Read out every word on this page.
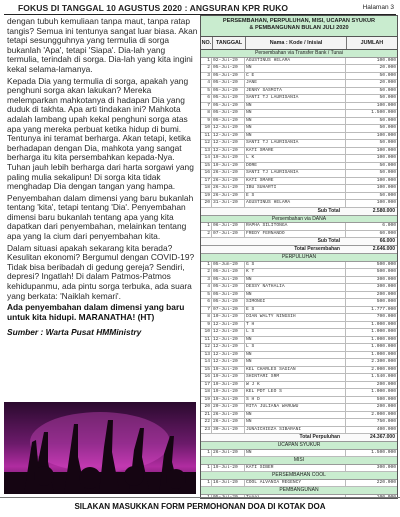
FOKUS DI TANGGAL 10 AGUSTUS 2020 : ANGSURAN KPR RUKO	Halaman 3

dengan tubuh kemuliaan tanpa maut, tanpa ratap tangis? Semua ini tentunya sangat luar biasa. Akan tetapi sesungguhnya yang termulia di sorga bukanlah 'Apa', tetapi 'Siapa'. Dia-lah yang termulia, terindah di sorga. Dia-lah yang kita ingini kekal selama-lamanya.

Kepada Dia yang termulia di sorga, apakah yang penghuni sorga akan lakukan? Mereka melemparkan mahkotanya di hadapan Dia yang duduk di takhta. Apa arti tindakan ini? Mahkota adalah lambang upah kekal penghuni sorga atas apa yang mereka perbuat ketika hidup di bumi. Tentunya ini teramat berharga. Akan tetapi, ketika berhadapan dengan Dia, mahkota yang sangat berharga itu kita persembahkan kepada-Nya. Tuhan jauh lebih berharga dari harta sorgawi yang paling mulia sekalipun! Di sorga kita tidak menghadap Dia dengan tangan yang hampa.

Penyembahan dalam dimensi yang baru bukanlah tentang 'kita', tetapi tentang 'Dia'. Penyembahan dimensi baru bukanlah tentang apa yang kita dapatkan dari penyembahan, melainkan tentang apa yang Ia cium dari penyembahan kita.

Dalam situasi apakah sekarang kita berada? Kesulitan ekonomi? Bergumul dengan COVID-19? Tidak bisa beribadah di gedung gereja? Sendiri, depresi? Ingatlah! Di dalam Patmos-Patmos kehidupanmu, ada pintu sorga terbuka, ada suara yang berkata: 'Naiklah kemari'.

Ada penyembahan dalam dimensi yang baru untuk kita hidupi. MARANATHA! (HT)

Sumber : Warta Pusat HMMinistry

PERSEMBAHAN, PERPULUHAN, MISI, UCAPAN SYUKUR
& PEMBANGUNAN BULAN JULI 2020
NO. TANGGAL	Nama : Kode / Inisial	JUMLAH
Persembahan via Transfer Bank / Tunai
1 02-Jul-20	AGUSTINUS HELAMA	100.000
2 05-Jul-20	NN	20.000
3 05-Jul-20	C E	50.000
4 05-Jul-20	JANE	20.000
5 05-Jul-20	JENNY SASMITA	50.000
6 05-Jul-20	SANTI TJ LAURISANIA	50.000
7 05-Jul-20	NN	100.000
8 05-Jul-20	NN	1.500.000
9 05-Jul-20	NN	50.000
10 12-Jul-20	NN	50.000
11 12-Jul-20	NN	100.000
12 12-Jul-20	SANTI TJ LAURISANIA	50.000
13 12-Jul-20	KATI SMARE	100.000
14 19-Jul-20	L K	100.000
15 19-Jul-20	DORE	50.000
16 26-Jul-20	SANTI TJ LAURISANIA	50.000
17 26-Jul-20	KATI SMARE	100.000
18 26-Jul-20	IBU SUHARTI	100.000
19 26-Jul-20	E S	50.000
20 31-Jul-20	AGUSTINUS HELAMA	100.000
Sub Total	2.580.000
Persembahan via DANA
1 06-Jul-20	RAPHA SILITONGA	6.000
2 07-Jul-20	FREDY FERNANDO	60.000
Sub Total	66.000
Total Persembahan	2.646.000
PERPULUHAN
1 05-Jun-20	G S	500.000
2 05-Jul-20	K T	500.000
3 05-Jul-20	NN	300.000
4 05-Jul-20	DESSY NATHALIA	300.000
5 05-Jul-20	NN	200.000
6 05-Jul-20	SIMONGI	500.000
7 07-Jul-20	E S	1.777.000
8 10-Jul-20	DIAN WALTY NINGSIH	700.000
9 12-Jul-20	T H	1.000.000
10 12-Jul-20	L S	1.000.000
11 12-Jul-20	NN	1.000.000
12 12-Jul-20	L S	1.000.000
13 12-Jul-20	NN	1.000.000
14 12-Jul-20	NN	2.300.000
15 19-Jul-20	KEL CHARLES SAGIAN	2.000.000
16 19-Jul-20	SHINTARI SRM	1.540.000
17 19-Jul-20	W J K	200.000
18 19-Jul-20	KEL PDT LEO S	1.000.000
19 19-Jul-20	S H D	500.000
20 20-Jul-20	RITA JULIANA WARUWU	200.000
21 26-Jul-20	NN	2.000.000
22 26-Jul-20	NN	750.000
23 30-Jul-20	JUNAICHIEZA SIBARANI	400.000
Total Perpuluhan	24.367.000
UCAPAN SYUKUR
1 26-Jul-20	NN	1.500.000
MISI
1 19-Jul-20	KATI SIBER	300.000
PERSEMBAHAN COOL
1 16-Jul-20	COOL ALVANIA REGENCY	220.000
PEMBANGUNAN
1 05-Jul-20	Tunai	100.000
SILAKAN MASUKKAN FORM PERMOHONAN DOA DI KOTAK DOA
